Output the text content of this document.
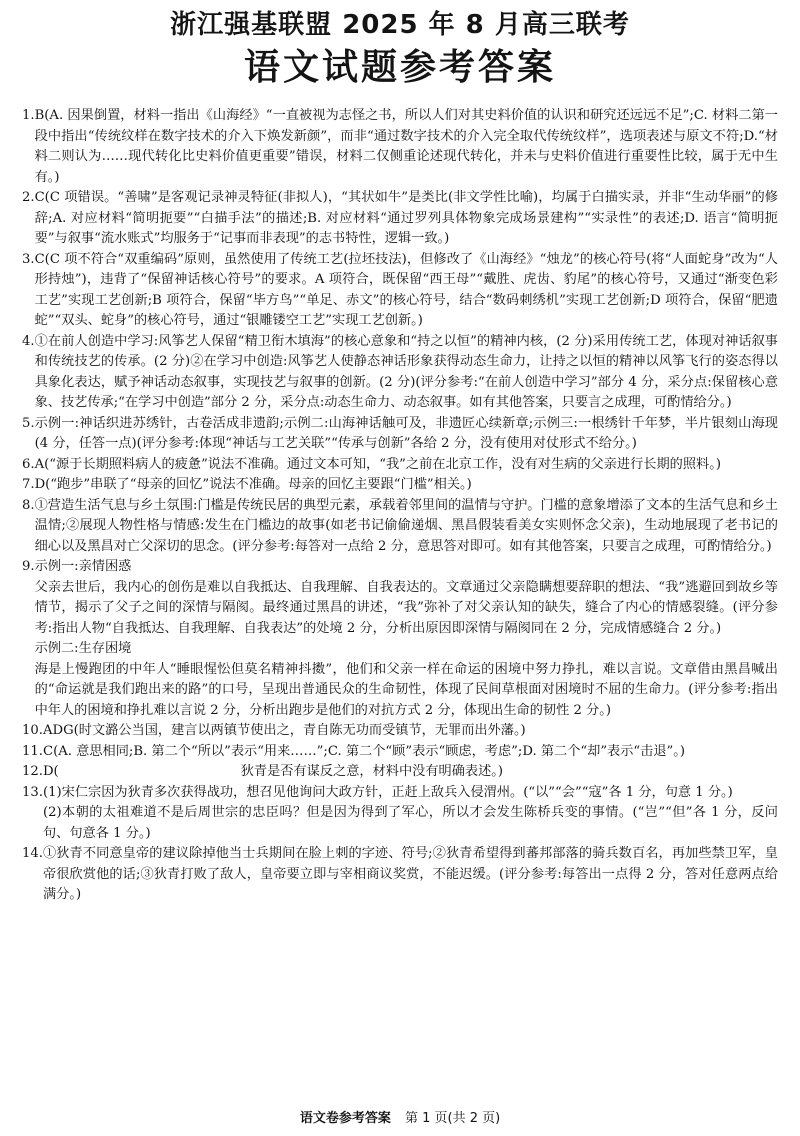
浙江强基联盟 2025 年 8 月高三联考
语文试题参考答案
1. B(A. 因果倒置，材料一指出《山海经》“一直被视为志怪之书，所以人们对其史料价值的认识和研究还远远不足”;C. 材料二第一段中指出“传统纹样在数字技术的介入下焕发新颜”，而非“通过数字技术的介入完全取代传统纹样”，选项表述与原文不符;D.“材料二则认为……现代转化比史料价值更重要”错误，材料二仅侧重论述现代转化，并未与史料价值进行重要性比较，属于无中生有。)
2. C(C 项错误。“善啸”是客观记录神灵特征(非拟人)，“其状如牛”是类比(非文学性比喻)，均属于白描实录，并非“生动华丽”的修辞;A. 对应材料“简明扼要”“白描手法”的描述;B. 对应材料“通过罗列具体物象完成场景建构”“实录性”的表述;D. 语言“简明扼要”与叙事“流水账式”均服务于“记事而非表现”的志书特性，逻辑一致。)
3. C(C 项不符合“双重编码”原则，虽然使用了传统工艺(拉坯技法)，但修改了《山海经》“烛龙”的核心符号(将“人面蛇身”改为“人形持烛”)，违背了“保留神话核心符号”的要求。A 项符合，既保留“西王母”“戴胜、虎齿、豹尾”的核心符号，又通过“渐变色彩工艺”实现工艺创新;B 项符合，保留“毕方鸟”“单足、赤文”的核心符号，结合“数码刺绣机”实现工艺创新;D 项符合，保留“肥遗蛇”“双头、蛇身”的核心符号，通过“银雕镂空工艺”实现工艺创新。)
4. ①在前人创造中学习:风筝艺人保留“精卫衔木填海”的核心意象和“持之以恒”的精神内核，(2 分)采用传统工艺，体现对神话叙事和传统技艺的传承。(2 分)②在学习中创造:风筝艺人使静态神话形象获得动态生命力，让持之以恒的精神以风筝飞行的姿态得以具象化表达，赋予神话动态叙事，实现技艺与叙事的创新。(2 分)(评分参考:“在前人创造中学习”部分 4 分，采分点:保留核心意象、技艺传承;“在学习中创造”部分 2 分，采分点:动态生命力、动态叙事。如有其他答案，只要言之成理，可酌情给分。)
5. 示例一:神话织进苏绣针，古卷活成非遗韵;示例二:山海神话触可及，非遗匠心续新章;示例三:一根绣针千年梦，半片银刻山海现(4 分，任答一点)(评分参考:体现“神话与工艺关联”“传承与创新”各给 2 分，没有使用对仗形式不给分。)
6. A(“源于长期照料病人的疲惫”说法不准确。通过文本可知，“我”之前在北京工作，没有对生病的父亲进行长期的照料。)
7. D(“跑步”串联了“母亲的回忆”说法不准确。母亲的回忆主要跟“门槛”相关。)
8. ①营造生活气息与乡土氛围:门槛是传统民居的典型元素，承载着邻里间的温情与守护。门槛的意象增添了文本的生活气息和乡土温情;②展现人物性格与情感:发生在门槛边的故事(如老书记偷偷递烟、黑昌假装看美女实则怀念父亲)，生动地展现了老书记的细心以及黑昌对亡父深切的思念。(评分参考:每答对一点给 2 分，意思答对即可。如有其他答案，只要言之成理，可酌情给分。)
9. 示例一:亲情困惑
父亲去世后，我内心的创伤是难以自我抵达、自我理解、自我表达的。文章通过父亲隐瞒想要辞职的想法、“我”逃避回到故乡等情节，揭示了父子之间的深情与隔阂。最终通过黑昌的讲述，“我”弥补了对父亲认知的缺失，缝合了内心的情感裂缝。(评分参考:指出人物“自我抵达、自我理解、自我表达”的处境 2 分，分析出原因即深情与隔阂同在 2 分，完成情感缝合 2 分。)
示例二:生存困境
海是上慢跑团的中年人“睡眼惺忪但莫名精神抖擞”，他们和父亲一样在命运的困境中努力挣扎，难以言说。文章借由黑昌喊出的“命运就是我们跑出来的路”的口号，呈现出普通民众的生命韧性，体现了民间草根面对困境时不屈的生命力。(评分参考:指出中年人的困境和挣扎难以言说 2 分，分析出跑步是他们的对抗方式 2 分，体现出生命的韧性 2 分。)
10. ADG(时文潞公当国，建言以两镇节使出之，青自陈无功而受镇节，无罪而出外藩。)
11. C(A. 意思相同;B. 第二个“所以”表示“用来……”;C. 第二个“顾”表示“顾虑，考虑”;D. 第二个“却”表示“击退”。)
12. D(	狄青是否有谋反之意，材料中没有明确表述。)
13. (1)宋仁宗因为狄青多次获得战功，想召见他询问大政方针，正赶上敌兵入侵渭州。(“以”“会”“寇”各 1 分，句意 1 分。)
(2)本朝的太祖难道不是后周世宗的忠臣吗？但是因为得到了军心，所以才会发生陈桥兵变的事情。(“岂”“但”各 1 分，反问句、句意各 1 分。)
14. ①狄青不同意皇帝的建议除掉他当士兵期间在脸上刺的字迹、符号;②狄青希望得到蕃邦部落的骑兵数百名，再加些禁卫军，皇帝很欣赏他的话;③狄青打败了敌人，皇帝要立即与宰相商议奖赏，不能迟缓。(评分参考:每答出一点得 2 分，答对任意两点给满分。)
语文卷参考答案 第 1 页(共 2 页)
